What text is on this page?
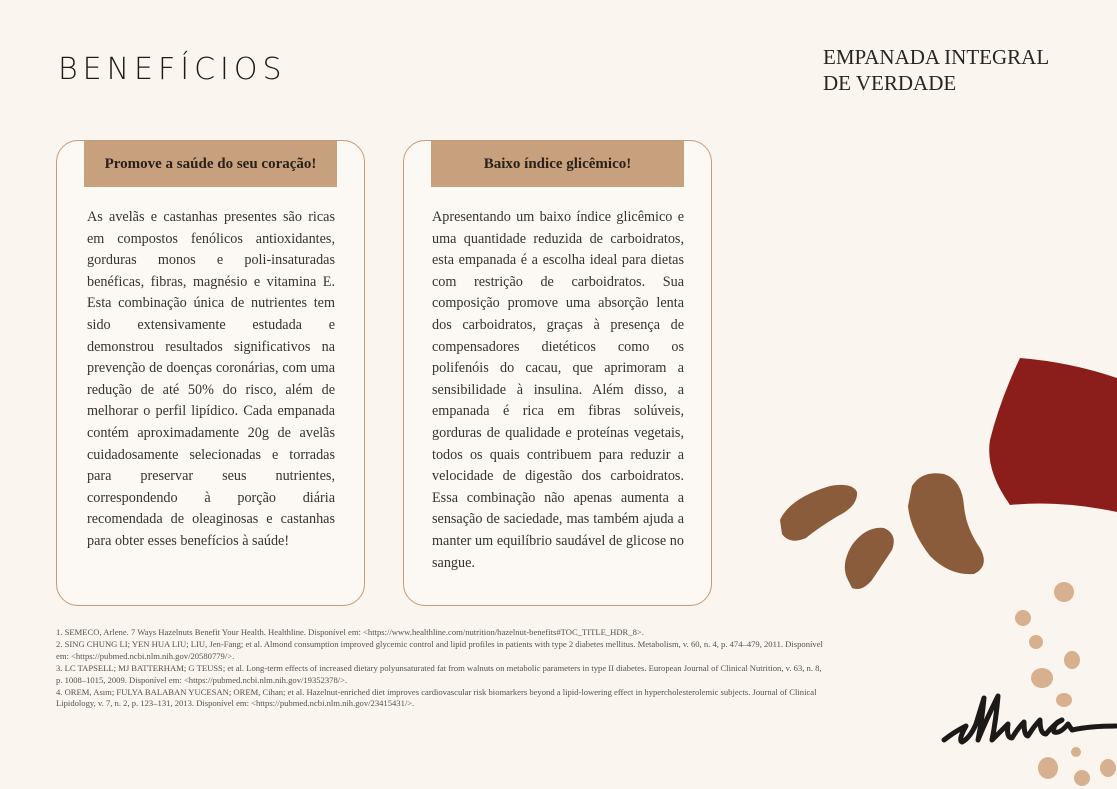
BENEFÍCIOS	EMPANADA INTEGRAL
DE VERDADE
Promove a saúde do seu coração!
As avelãs e castanhas presentes são ricas em compostos fenólicos antioxidantes, gorduras monos e poli-insaturadas benéficas, fibras, magnésio e vitamina E. Esta combinação única de nutrientes tem sido extensivamente estudada e demonstrou resultados significativos na prevenção de doenças coronárias, com uma redução de até 50% do risco, além de melhorar o perfil lipídico. Cada empanada contém aproximadamente 20g de avelãs cuidadosamente selecionadas e torradas para preservar seus nutrientes, correspondendo à porção diária recomendada de oleaginosas e castanhas para obter esses benefícios à saúde!
Baixo índice glicêmico!
Apresentando um baixo índice glicêmico e uma quantidade reduzida de carboidratos, esta empanada é a escolha ideal para dietas com restrição de carboidratos. Sua composição promove uma absorção lenta dos carboidratos, graças à presença de compensadores dietéticos como os polifenóis do cacau, que aprimoram a sensibilidade à insulina. Além disso, a empanada é rica em fibras solúveis, gorduras de qualidade e proteínas vegetais, todos os quais contribuem para reduzir a velocidade de digestão dos carboidratos. Essa combinação não apenas aumenta a sensação de saciedade, mas também ajuda a manter um equilíbrio saudável de glicose no sangue.

1. SEMECO, Arlene. 7 Ways Hazelnuts Benefit Your Health. Healthline. Disponível em: <https://www.healthline.com/nutrition/hazelnut-benefits#TOC_TITLE_HDR_8>.

2. SING CHUNG LI; YEN HUA LIU; LIU, Jen-Fang; et al. Almond consumption improved glycemic control and lipid profiles in patients with type 2 diabetes mellitus. Metabolism, v. 60, n. 4, p. 474–479, 2011. Disponível em: <https://pubmed.ncbi.nlm.nih.gov/20580779/>.

3. LC TAPSELL; MJ BATTERHAM; G TEUSS; et al. Long-term effects of increased dietary polyunsaturated fat from walnuts on metabolic parameters in type II diabetes. European Journal of Clinical Nutrition, v. 63, n. 8, p. 1008–1015, 2009. Disponível em: <https://pubmed.ncbi.nlm.nih.gov/19352378/>.

4. OREM, Asım; FULYA BALABAN YUCESAN; OREM, Cihan; et al. Hazelnut-enriched diet improves cardiovascular risk biomarkers beyond a lipid-lowering effect in hypercholesterolemic subjects. Journal of Clinical Lipidology, v. 7, n. 2, p. 123–131, 2013. Disponível em: <https://pubmed.ncbi.nlm.nih.gov/23415431/>.
